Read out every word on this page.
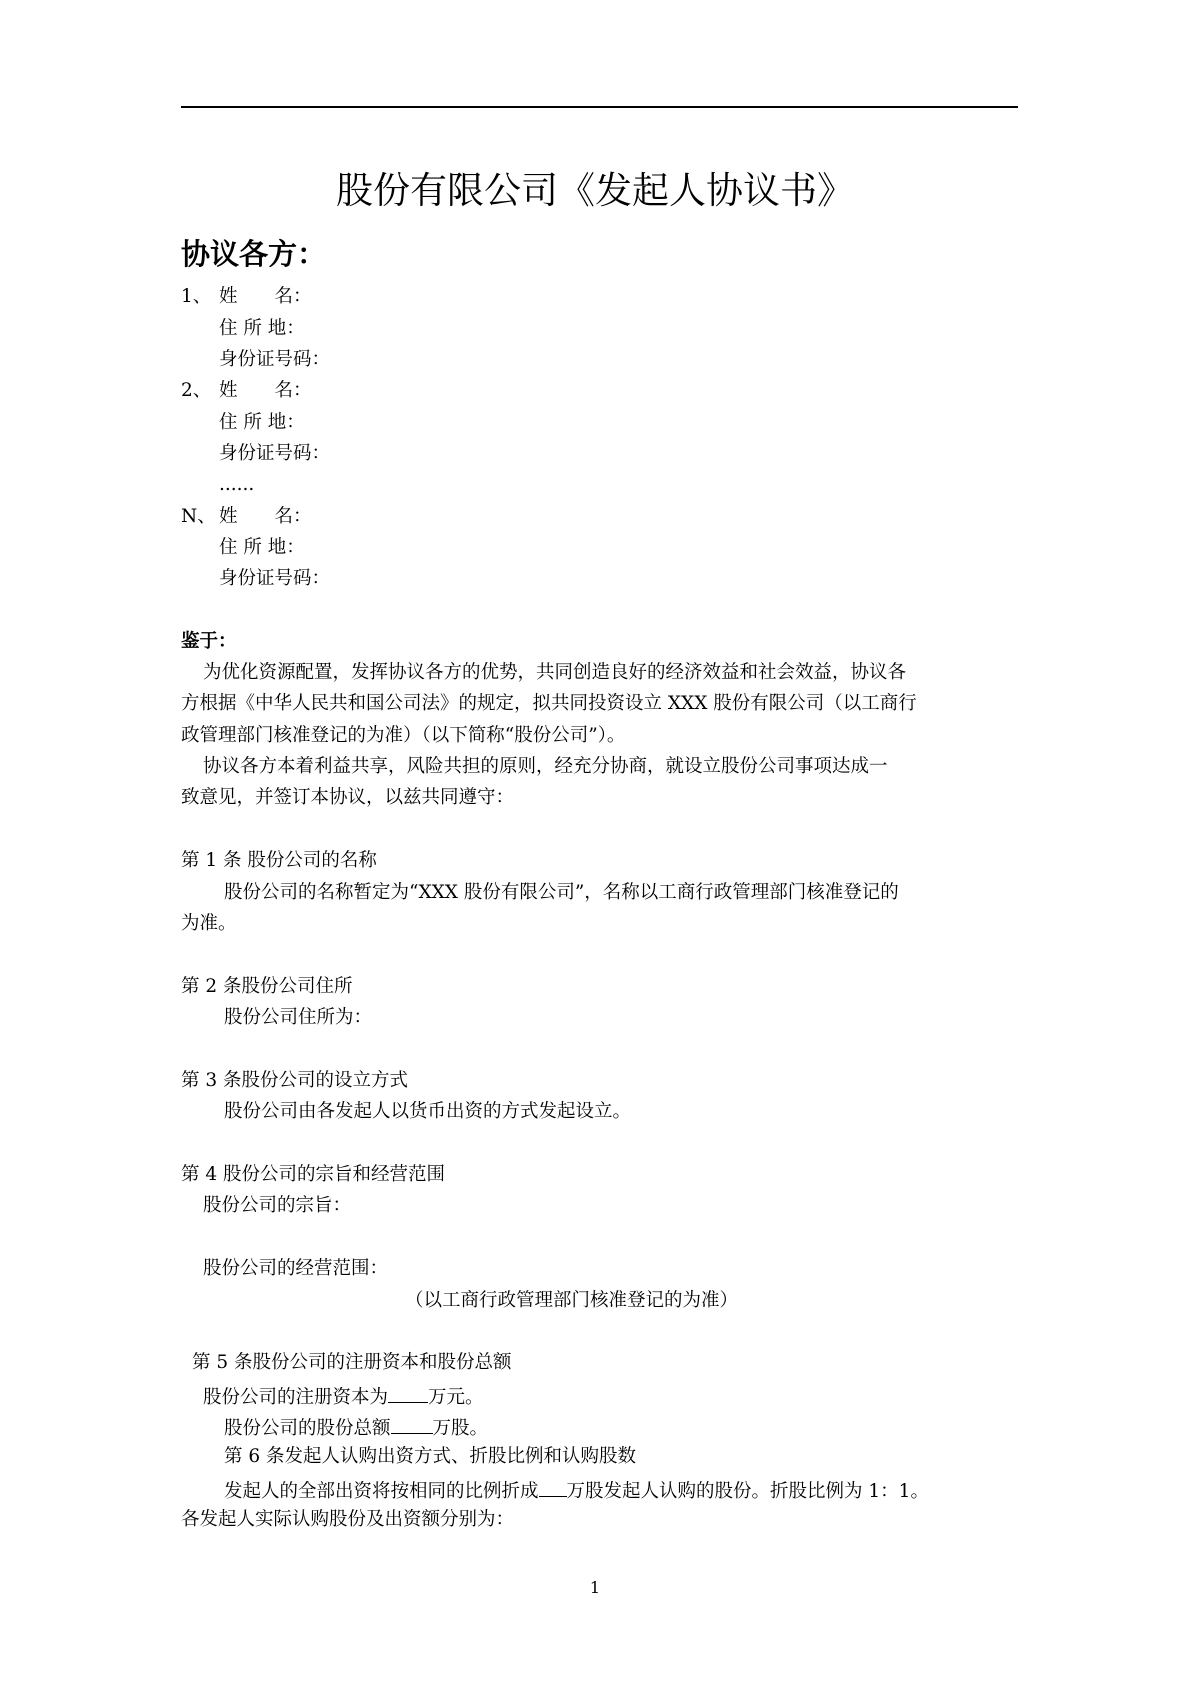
股份有限公司《发起人协议书》
协议各方：
1、 姓　　名：
住 所 地：
身份证号码：
2、 姓　　名：
住 所 地：
身份证号码：
......
N、 姓　　名：
住 所 地：
身份证号码：
鉴于：
为优化资源配置，发挥协议各方的优势，共同创造良好的经济效益和社会效益，协议各
方根据《中华人民共和国公司法》的规定，拟共同投资设立 XXX 股份有限公司（以工商行
政管理部门核准登记的为准）（以下简称“股份公司”）。
协议各方本着利益共享，风险共担的原则，经充分协商，就设立股份公司事项达成一
致意见，并签订本协议，以兹共同遵守：
第 1 条 股份公司的名称
股份公司的名称暂定为“XXX 股份有限公司”，名称以工商行政管理部门核准登记的
为准。
第 2 条股份公司住所
股份公司住所为：
第 3 条股份公司的设立方式
股份公司由各发起人以货币出资的方式发起设立。
第 4 股份公司的宗旨和经营范围
股份公司的宗旨：
股份公司的经营范围：
（以工商行政管理部门核准登记的为准）
第 5 条股份公司的注册资本和股份总额
股份公司的注册资本为 万元。
股份公司的股份总额 万股。
第 6 条发起人认购出资方式、折股比例和认购股数
发起人的全部出资将按相同的比例折成 万股发起人认购的股份。折股比例为 1：1。
各发起人实际认购股份及出资额分别为：
1
